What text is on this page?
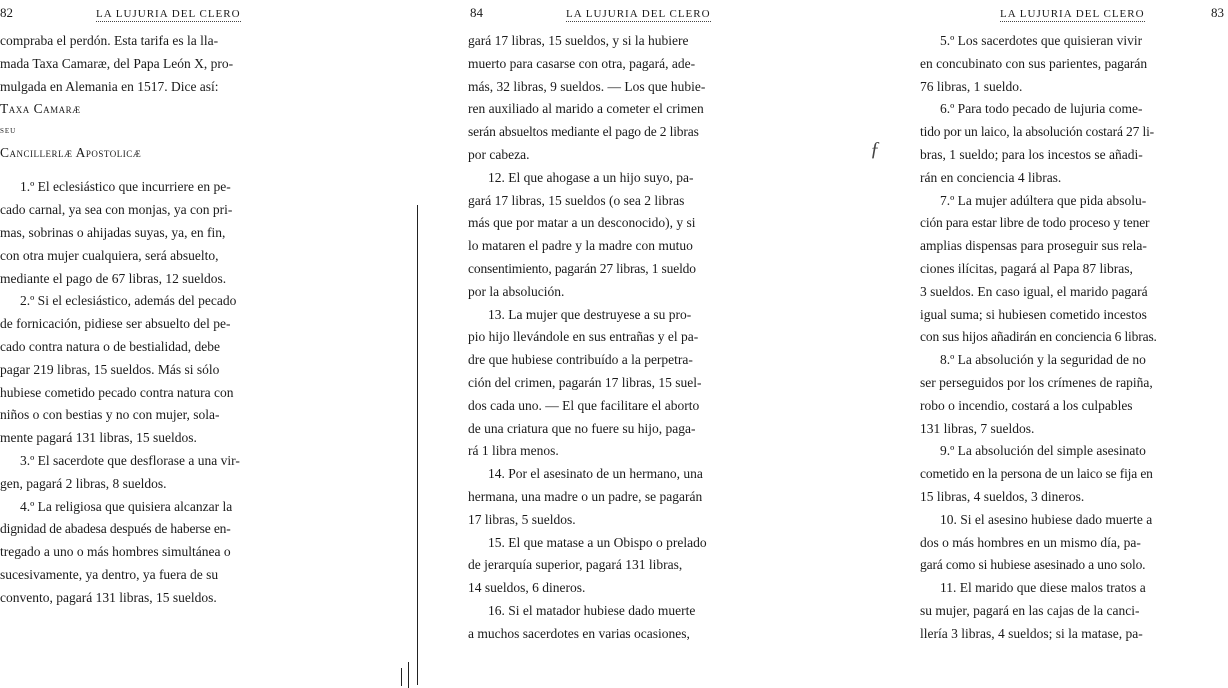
82	LA LUJURIA DEL CLERO

compraba el perdón. Esta tarifa es la lla-

mada Taxa Camaræ, del Papa León X, pro-

mulgada en Alemania en 1517. Dice así:

Taxa Camaræ
seu
Cancillerlæ Apostolicæ

1.º El eclesiástico que incurriere en pe-

cado carnal, ya sea con monjas, ya con pri-

mas, sobrinas o ahijadas suyas, ya, en fin,

con otra mujer cualquiera, será absuelto,

mediante el pago de 67 libras, 12 sueldos.

2.º Si el eclesiástico, además del pecado

de fornicación, pidiese ser absuelto del pe-

cado contra natura o de bestialidad, debe

pagar 219 libras, 15 sueldos. Más si sólo

hubiese cometido pecado contra natura con

niños o con bestias y no con mujer, sola-

mente pagará 131 libras, 15 sueldos.

3.º El sacerdote que desflorase a una vir-

gen, pagará 2 libras, 8 sueldos.

4.º La religiosa que quisiera alcanzar la

dignidad de abadesa después de haberse en-

tregado a uno o más hombres simultánea o

sucesivamente, ya dentro, ya fuera de su

convento, pagará 131 libras, 15 sueldos.

84	LA LUJURIA DEL CLERO

gará 17 libras, 15 sueldos, y si la hubiere

muerto para casarse con otra, pagará, ade-

más, 32 libras, 9 sueldos. — Los que hubie-

ren auxiliado al marido a cometer el crimen

serán absueltos mediante el pago de 2 libras

por cabeza.

12. El que ahogase a un hijo suyo, pa-

gará 17 libras, 15 sueldos (o sea 2 libras

más que por matar a un desconocido), y si

lo mataren el padre y la madre con mutuo

consentimiento, pagarán 27 libras, 1 sueldo

por la absolución.

13. La mujer que destruyese a su pro-

pio hijo llevándole en sus entrañas y el pa-

dre que hubiese contribuído a la perpetra-

ción del crimen, pagarán 17 libras, 15 suel-

dos cada uno. — El que facilitare el aborto

de una criatura que no fuere su hijo, paga-

rá 1 libra menos.

14. Por el asesinato de un hermano, una

hermana, una madre o un padre, se pagarán

17 libras, 5 sueldos.

15. El que matase a un Obispo o prelado

de jerarquía superior, pagará 131 libras,

14 sueldos, 6 dineros.

16. Si el matador hubiese dado muerte

a muchos sacerdotes en varias ocasiones,

ƒ
LA LUJURIA DEL CLERO	83

5.º Los sacerdotes que quisieran vivir

en concubinato con sus parientes, pagarán

76 libras, 1 sueldo.

6.º Para todo pecado de lujuria come-

tido por un laico, la absolución costará 27 li-

bras, 1 sueldo; para los incestos se añadi-

rán en conciencia 4 libras.

7.º La mujer adúltera que pida absolu-

ción para estar libre de todo proceso y tener

amplias dispensas para proseguir sus rela-

ciones ilícitas, pagará al Papa 87 libras,

3 sueldos. En caso igual, el marido pagará

igual suma; si hubiesen cometido incestos

con sus hijos añadirán en conciencia 6 libras.

8.º La absolución y la seguridad de no

ser perseguidos por los crímenes de rapiña,

robo o incendio, costará a los culpables

131 libras, 7 sueldos.

9.º La absolución del simple asesinato

cometido en la persona de un laico se fija en

15 libras, 4 sueldos, 3 dineros.

10. Si el asesino hubiese dado muerte a

dos o más hombres en un mismo día, pa-

gará como si hubiese asesinado a uno solo.

11. El marido que diese malos tratos a

su mujer, pagará en las cajas de la canci-

llería 3 libras, 4 sueldos; si la matase, pa-
